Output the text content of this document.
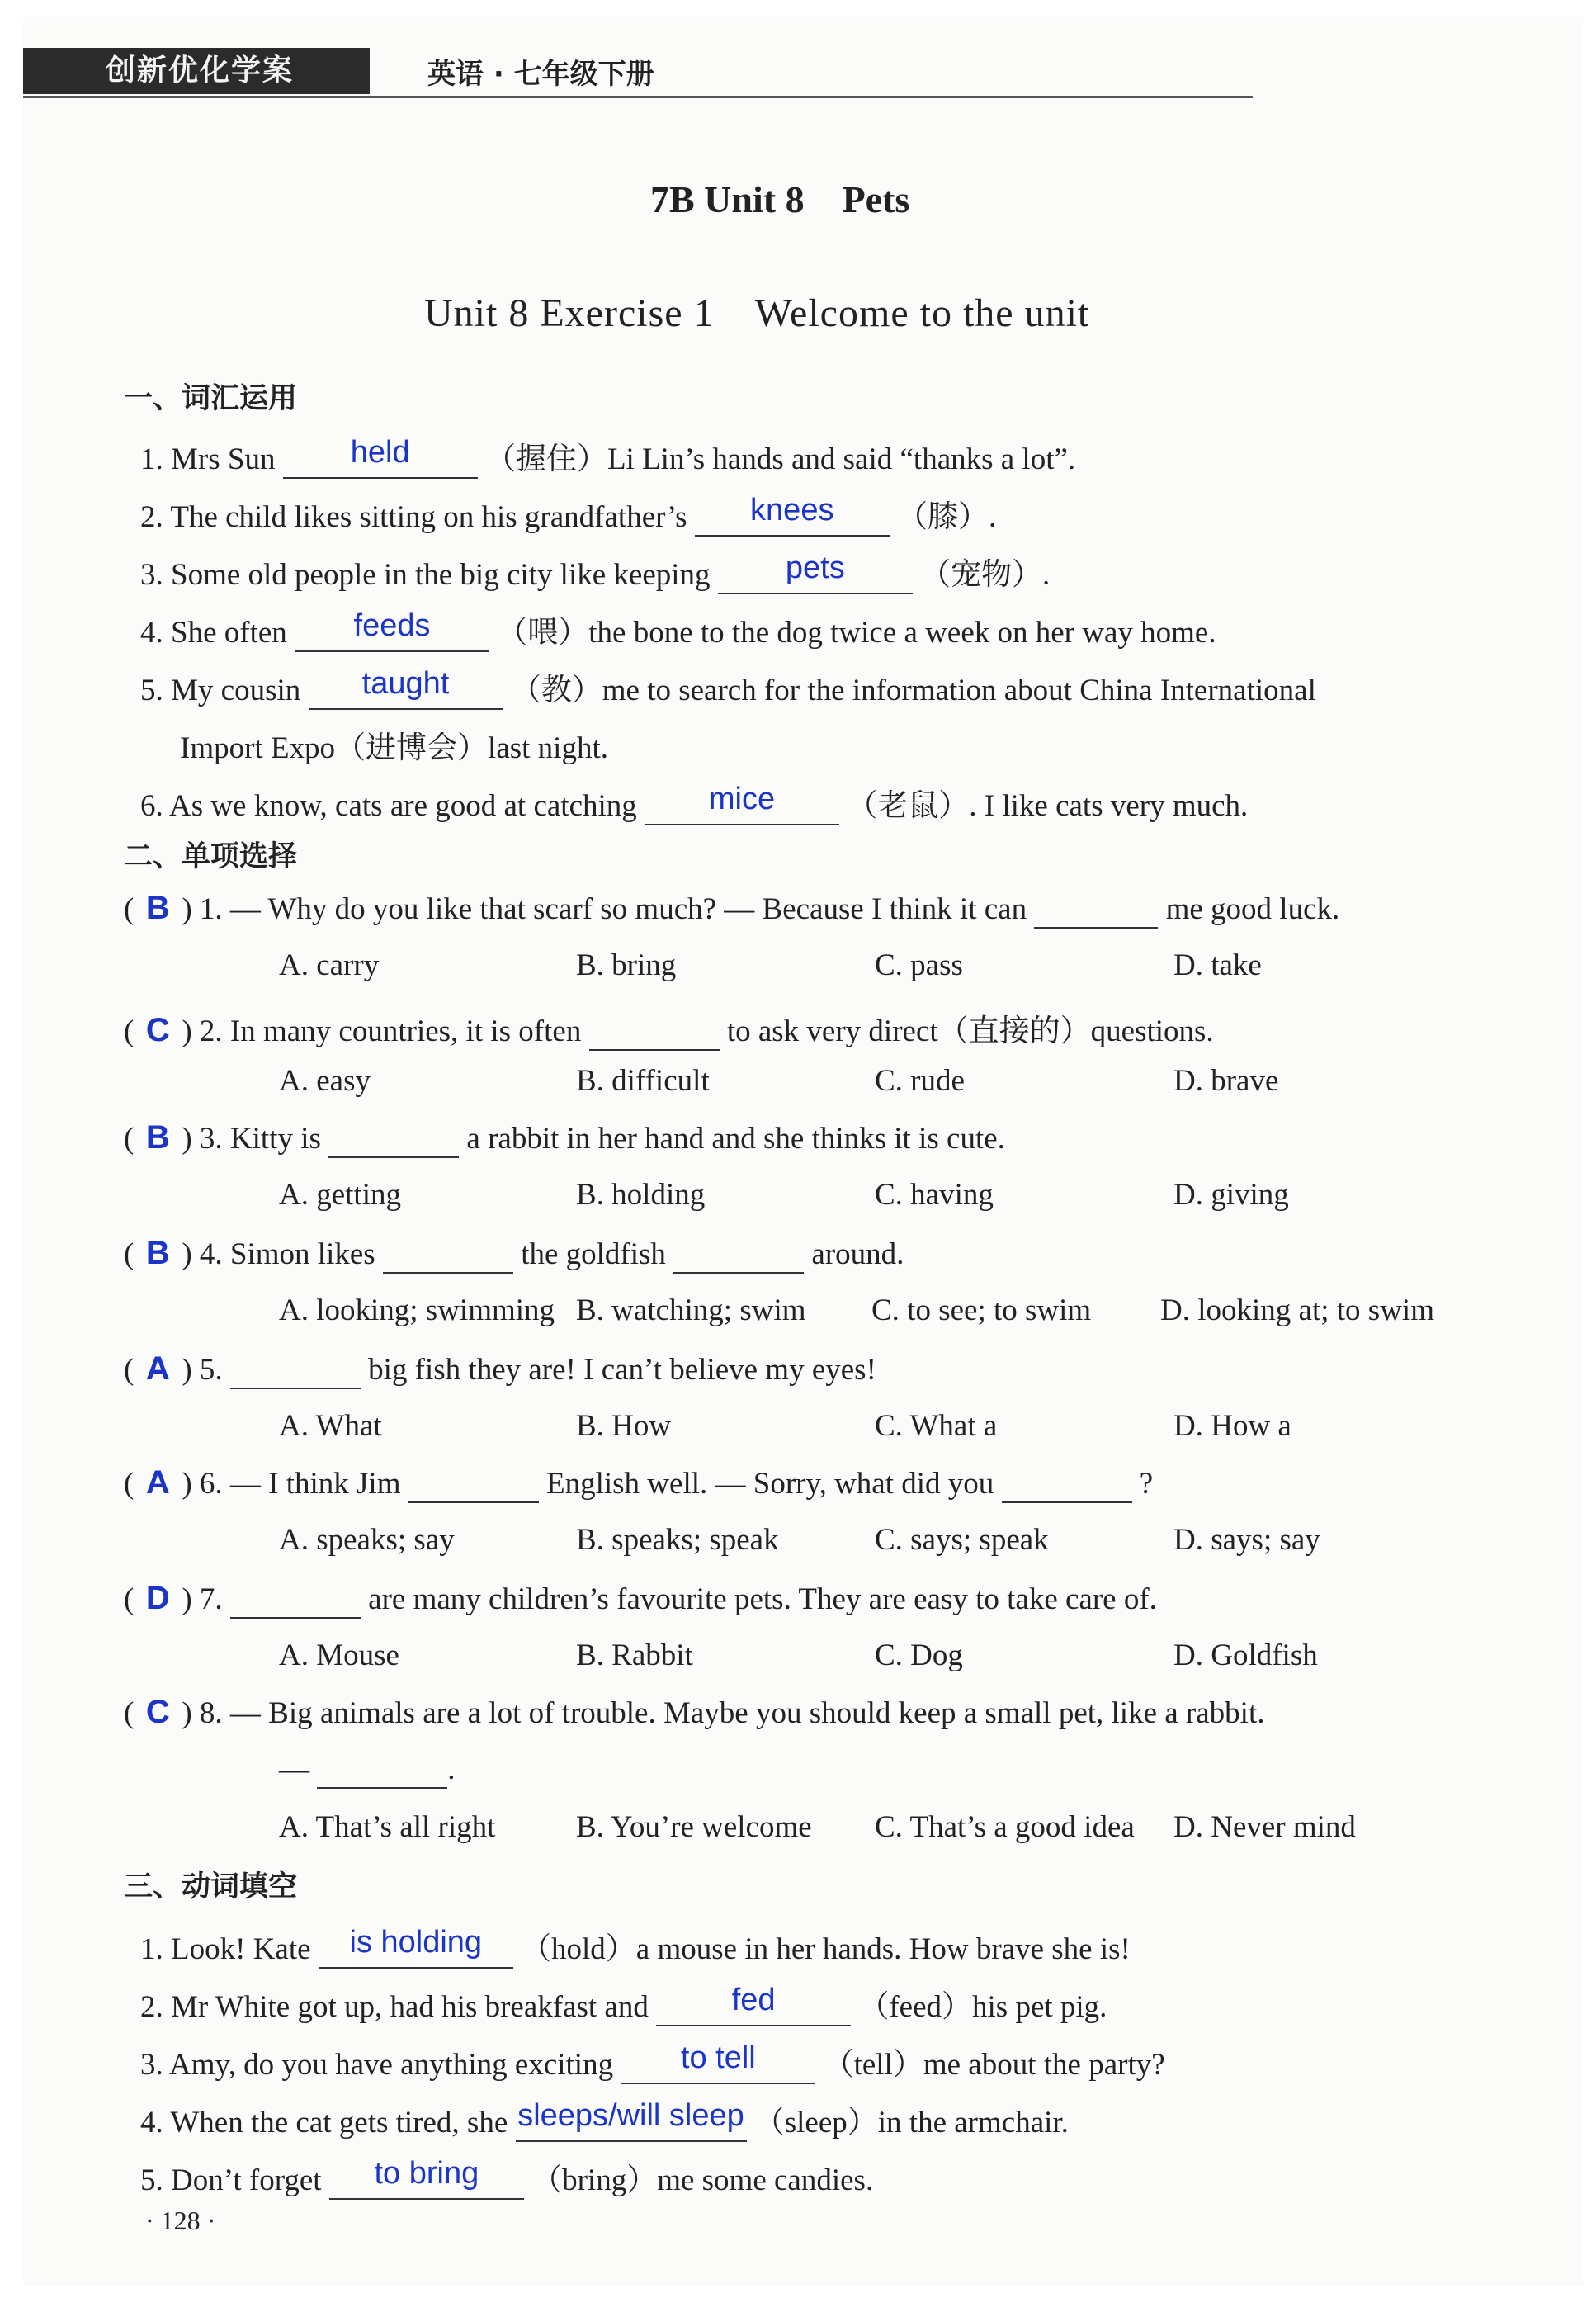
创新优化学案	英语 · 七年级下册
7B Unit 8　Pets
Unit 8 Exercise 1　Welcome to the unit
一、词汇运用
1. Mrs Sun held （握住）Li Lin’s hands and said “thanks a lot”.
2. The child likes sitting on his grandfather’s knees （膝）.
3. Some old people in the big city like keeping pets （宠物）.
4. She often feeds （喂）the bone to the dog twice a week on her way home.
5. My cousin taught （教）me to search for the information about China International
Import Expo（进博会）last night.
6. As we know, cats are good at catching mice （老鼠）. I like cats very much.
二、单项选择
( B ) 1. — Why do you like that scarf so much? — Because I think it can	me good luck.
A. carry	B. bring	C. pass	D. take
( C ) 2. In many countries, it is often	to ask very direct（直接的）questions.
A. easy	B. difficult	C. rude	D. brave
( B ) 3. Kitty is	a rabbit in her hand and she thinks it is cute.
A. getting	B. holding	C. having	D. giving
( B ) 4. Simon likes	the goldfish	around.
A. looking; swimming B. watching; swim C. to see; to swim D. looking at; to swim
( A ) 5.	big fish they are! I can’t believe my eyes!
A. What	B. How	C. What a	D. How a
( A ) 6. — I think Jim	English well. — Sorry, what did you	?
A. speaks; say	B. speaks; speak	C. says; speak	D. says; say
( D ) 7.	are many children’s favourite pets. They are easy to take care of.
A. Mouse	B. Rabbit	C. Dog	D. Goldfish
( C ) 8. — Big animals are a lot of trouble. Maybe you should keep a small pet, like a rabbit.
—	.
A. That’s all right	B. You’re welcome C. That’s a good idea D. Never mind
三、动词填空
1. Look! Kate is holding （hold）a mouse in her hands. How brave she is!
2. Mr White got up, had his breakfast and	fed	（feed）his pet pig.
3. Amy, do you have anything exciting to tell （tell）me about the party?
4. When the cat gets tired, she sleeps/will sleep （sleep）in the armchair.
5. Don’t forget to bring （bring）me some candies.
· 128 ·
